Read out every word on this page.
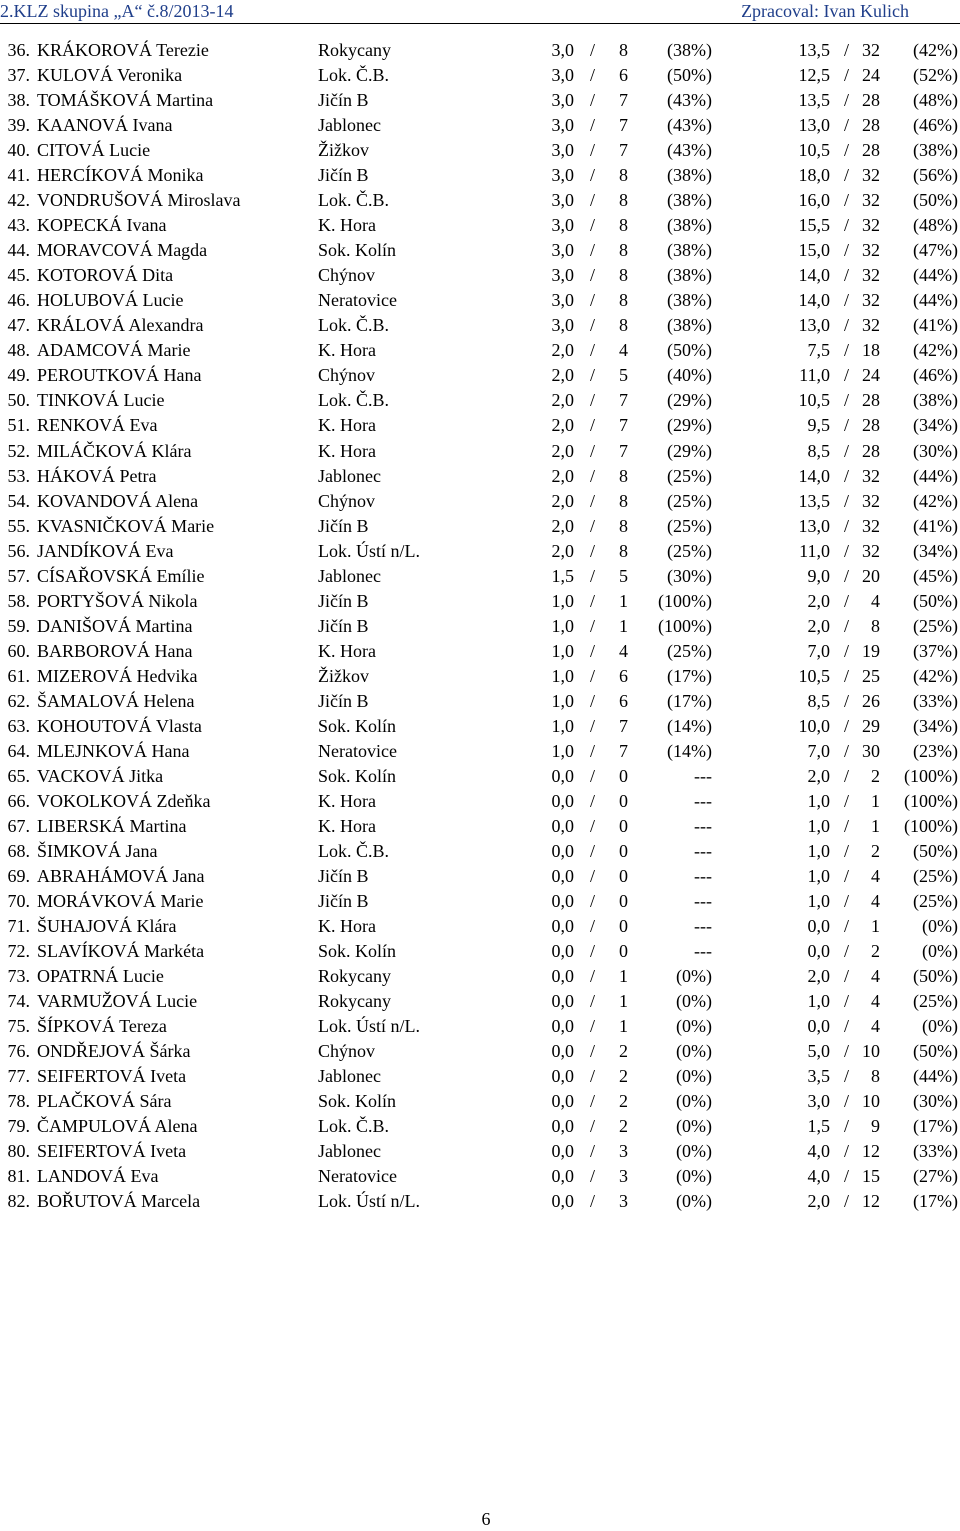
2.KLZ skupina „A“ č.8/2013-14	Zpracoval: Ivan Kulich
36. KRÁKOROVÁ Terezie	Rokycany	3,0 /	8	(38%)	13,5 / 32	(42%)
37. KULOVÁ Veronika	Lok. Č.B.	3,0 /	6	(50%)	12,5 / 24	(52%)
38. TOMÁŠKOVÁ Martina	Jičín B	3,0 /	7	(43%)	13,5 / 28	(48%)
39. KAANOVÁ Ivana	Jablonec	3,0 /	7	(43%)	13,0 / 28	(46%)
40. CITOVÁ Lucie	Žižkov	3,0 /	7	(43%)	10,5 / 28	(38%)
41. HERCÍKOVÁ Monika	Jičín B	3,0 /	8	(38%)	18,0 / 32	(56%)
42. VONDRUŠOVÁ Miroslava	Lok. Č.B.	3,0 /	8	(38%)	16,0 / 32	(50%)
43. KOPECKÁ Ivana	K. Hora	3,0 /	8	(38%)	15,5 / 32	(48%)
44. MORAVCOVÁ Magda	Sok. Kolín	3,0 /	8	(38%)	15,0 / 32	(47%)
45. KOTOROVÁ Dita	Chýnov	3,0 /	8	(38%)	14,0 / 32	(44%)
46. HOLUBOVÁ Lucie	Neratovice	3,0 /	8	(38%)	14,0 / 32	(44%)
47. KRÁLOVÁ Alexandra	Lok. Č.B.	3,0 /	8	(38%)	13,0 / 32	(41%)
48. ADAMCOVÁ Marie	K. Hora	2,0 /	4	(50%)	7,5 / 18	(42%)
49. PEROUTKOVÁ Hana	Chýnov	2,0 /	5	(40%)	11,0 / 24	(46%)
50. TINKOVÁ Lucie	Lok. Č.B.	2,0 /	7	(29%)	10,5 / 28	(38%)
51. RENKOVÁ Eva	K. Hora	2,0 /	7	(29%)	9,5 / 28	(34%)
52. MILÁČKOVÁ Klára	K. Hora	2,0 /	7	(29%)	8,5 / 28	(30%)
53. HÁKOVÁ Petra	Jablonec	2,0 /	8	(25%)	14,0 / 32	(44%)
54. KOVANDOVÁ Alena	Chýnov	2,0 /	8	(25%)	13,5 / 32	(42%)
55. KVASNIČKOVÁ Marie	Jičín B	2,0 /	8	(25%)	13,0 / 32	(41%)
56. JANDÍKOVÁ Eva	Lok. Ústí n/L.	2,0 /	8	(25%)	11,0 / 32	(34%)
57. CÍSAŘOVSKÁ Emílie	Jablonec	1,5 /	5	(30%)	9,0 / 20	(45%)
58. PORTYŠOVÁ Nikola	Jičín B	1,0 /	1	(100%)	2,0 /	4	(50%)
59. DANIŠOVÁ Martina	Jičín B	1,0 /	1	(100%)	2,0 /	8	(25%)
60. BARBOROVÁ Hana	K. Hora	1,0 /	4	(25%)	7,0 / 19	(37%)
61. MIZEROVÁ Hedvika	Žižkov	1,0 /	6	(17%)	10,5 / 25	(42%)
62. ŠAMALOVÁ Helena	Jičín B	1,0 /	6	(17%)	8,5 / 26	(33%)
63. KOHOUTOVÁ Vlasta	Sok. Kolín	1,0 /	7	(14%)	10,0 / 29	(34%)
64. MLEJNKOVÁ Hana	Neratovice	1,0 /	7	(14%)	7,0 / 30	(23%)
65. VACKOVÁ Jitka	Sok. Kolín	0,0 /	0	---	2,0 /	2	(100%)
66. VOKOLKOVÁ Zdeňka	K. Hora	0,0 /	0	---	1,0 /	1	(100%)
67. LIBERSKÁ Martina	K. Hora	0,0 /	0	---	1,0 /	1	(100%)
68. ŠIMKOVÁ Jana	Lok. Č.B.	0,0 /	0	---	1,0 /	2	(50%)
69. ABRAHÁMOVÁ Jana	Jičín B	0,0 /	0	---	1,0 /	4	(25%)
70. MORÁVKOVÁ Marie	Jičín B	0,0 /	0	---	1,0 /	4	(25%)
71. ŠUHAJOVÁ Klára	K. Hora	0,0 /	0	---	0,0 /	1	(0%)
72. SLAVÍKOVÁ Markéta	Sok. Kolín	0,0 /	0	---	0,0 /	2	(0%)
73. OPATRNÁ Lucie	Rokycany	0,0 /	1	(0%)	2,0 /	4	(50%)
74. VARMUŽOVÁ Lucie	Rokycany	0,0 /	1	(0%)	1,0 /	4	(25%)
75. ŠÍPKOVÁ Tereza	Lok. Ústí n/L.	0,0 /	1	(0%)	0,0 /	4	(0%)
76. ONDŘEJOVÁ Šárka	Chýnov	0,0 /	2	(0%)	5,0 / 10	(50%)
77. SEIFERTOVÁ Iveta	Jablonec	0,0 /	2	(0%)	3,5 /	8	(44%)
78. PLAČKOVÁ Sára	Sok. Kolín	0,0 /	2	(0%)	3,0 / 10	(30%)
79. ČAMPULOVÁ Alena	Lok. Č.B.	0,0 /	2	(0%)	1,5 /	9	(17%)
80. SEIFERTOVÁ Iveta	Jablonec	0,0 /	3	(0%)	4,0 / 12	(33%)
81. LANDOVÁ Eva	Neratovice	0,0 /	3	(0%)	4,0 / 15	(27%)
82. BOŘUTOVÁ Marcela	Lok. Ústí n/L.	0,0 /	3	(0%)	2,0 / 12	(17%)
6
